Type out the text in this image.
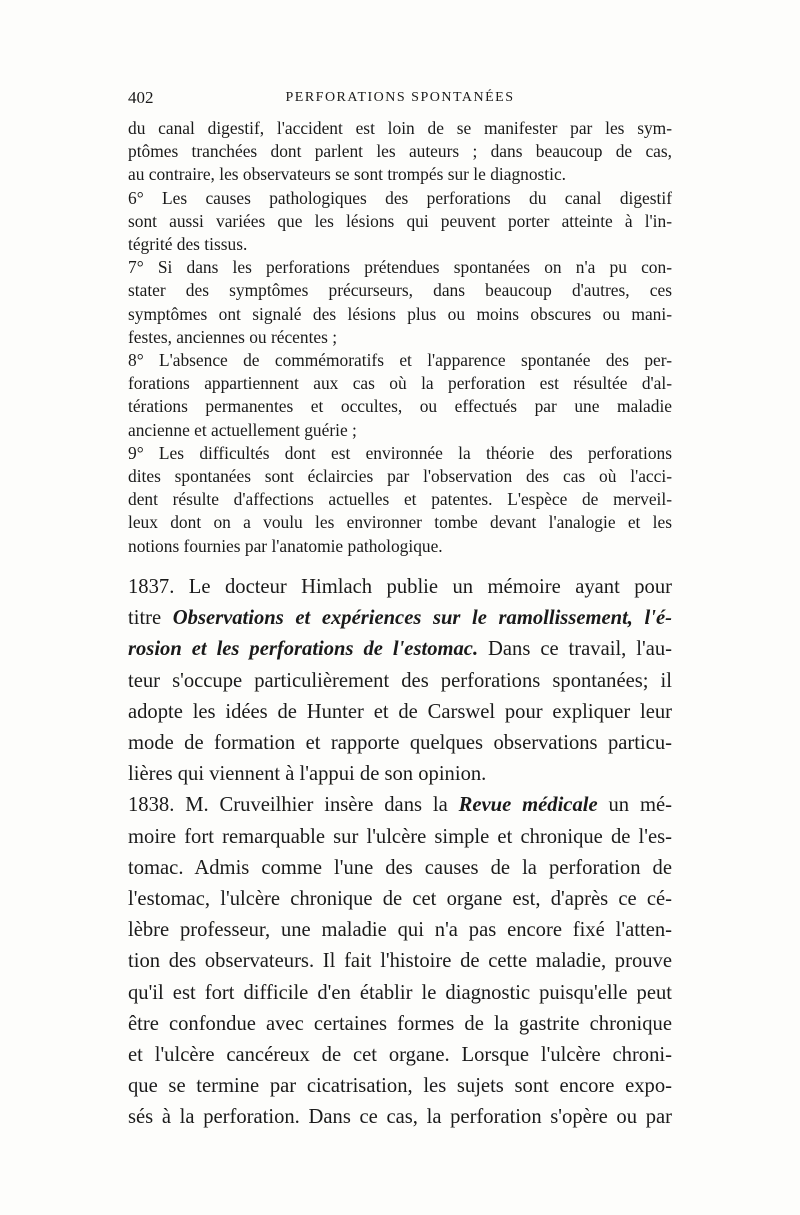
402	PERFORATIONS SPONTANÉES
du canal digestif, l'accident est loin de se manifester par les sym-
ptômes tranchées dont parlent les auteurs ; dans beaucoup de cas,
au contraire, les observateurs se sont trompés sur le diagnostic.
6° Les causes pathologiques des perforations du canal digestif
sont aussi variées que les lésions qui peuvent porter atteinte à l'in-
tégrité des tissus.
7° Si dans les perforations prétendues spontanées on n'a pu con-
stater des symptômes précurseurs, dans beaucoup d'autres, ces
symptômes ont signalé des lésions plus ou moins obscures ou mani-
festes, anciennes ou récentes ;
8° L'absence de commémoratifs et l'apparence spontanée des per-
forations appartiennent aux cas où la perforation est résultée d'al-
térations permanentes et occultes, ou effectués par une maladie
ancienne et actuellement guérie ;
9° Les difficultés dont est environnée la théorie des perforations
dites spontanées sont éclaircies par l'observation des cas où l'acci-
dent résulte d'affections actuelles et patentes. L'espèce de merveil-
leux dont on a voulu les environner tombe devant l'analogie et les
notions fournies par l'anatomie pathologique.
1837. Le docteur Himlach publie un mémoire ayant pour
titre Observations et expériences sur le ramollissement, l'é-
rosion et les perforations de l'estomac. Dans ce travail, l'au-
teur s'occupe particulièrement des perforations spontanées; il
adopte les idées de Hunter et de Carswel pour expliquer leur
mode de formation et rapporte quelques observations particu-
lières qui viennent à l'appui de son opinion.
1838. M. Cruveilhier insère dans la Revue médicale un mé-
moire fort remarquable sur l'ulcère simple et chronique de l'es-
tomac. Admis comme l'une des causes de la perforation de
l'estomac, l'ulcère chronique de cet organe est, d'après ce cé-
lèbre professeur, une maladie qui n'a pas encore fixé l'atten-
tion des observateurs. Il fait l'histoire de cette maladie, prouve
qu'il est fort difficile d'en établir le diagnostic puisqu'elle peut
être confondue avec certaines formes de la gastrite chronique
et l'ulcère cancéreux de cet organe. Lorsque l'ulcère chroni-
que se termine par cicatrisation, les sujets sont encore expo-
sés à la perforation. Dans ce cas, la perforation s'opère ou par
